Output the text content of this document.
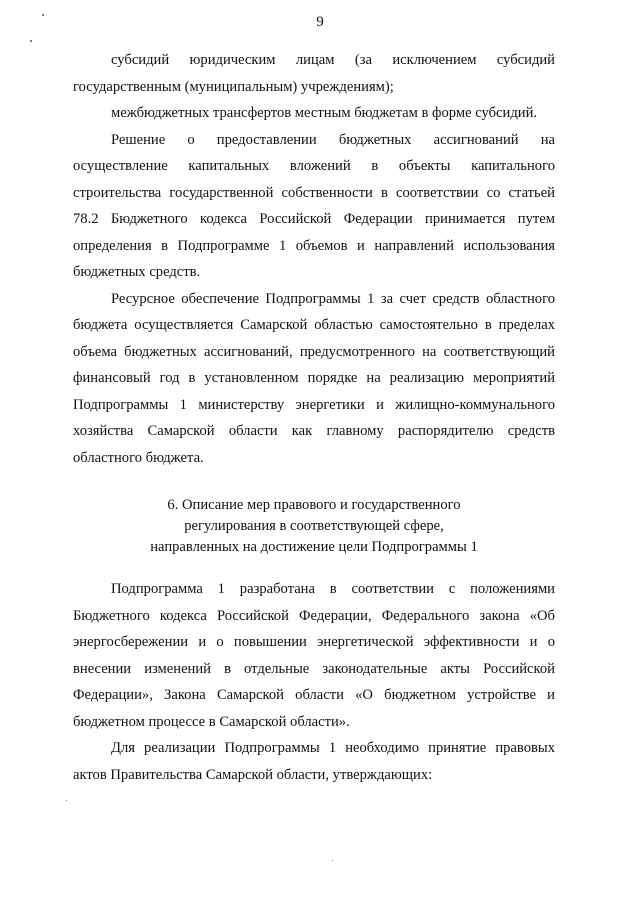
9

субсидий юридическим лицам (за исключением субсидий государственным (муниципальным) учреждениям);

межбюджетных трансфертов местным бюджетам в форме субсидий.

Решение о предоставлении бюджетных ассигнований на осуществление капитальных вложений в объекты капитального строительства государственной собственности в соответствии со статьей 78.2 Бюджетного кодекса Российской Федерации принимается путем определения в Подпрограмме 1 объемов и направлений использования бюджетных средств.

Ресурсное обеспечение Подпрограммы 1 за счет средств областного бюджета осуществляется Самарской областью самостоятельно в пределах объема бюджетных ассигнований, предусмотренного на соответствующий финансовый год в установленном порядке на реализацию мероприятий Подпрограммы 1 министерству энергетики и жилищно-коммунального хозяйства Самарской области как главному распорядителю средств областного бюджета.

6. Описание мер правового и государственного
регулирования в соответствующей сфере,
направленных на достижение цели Подпрограммы 1

Подпрограмма 1 разработана в соответствии с положениями Бюджетного кодекса Российской Федерации, Федерального закона «Об энергосбережении и о повышении энергетической эффективности и о внесении изменений в отдельные законодательные акты Российской Федерации», Закона Самарской области «О бюджетном устройстве и бюджетном процессе в Самарской области».

Для реализации Подпрограммы 1 необходимо принятие правовых актов Правительства Самарской области, утверждающих:
